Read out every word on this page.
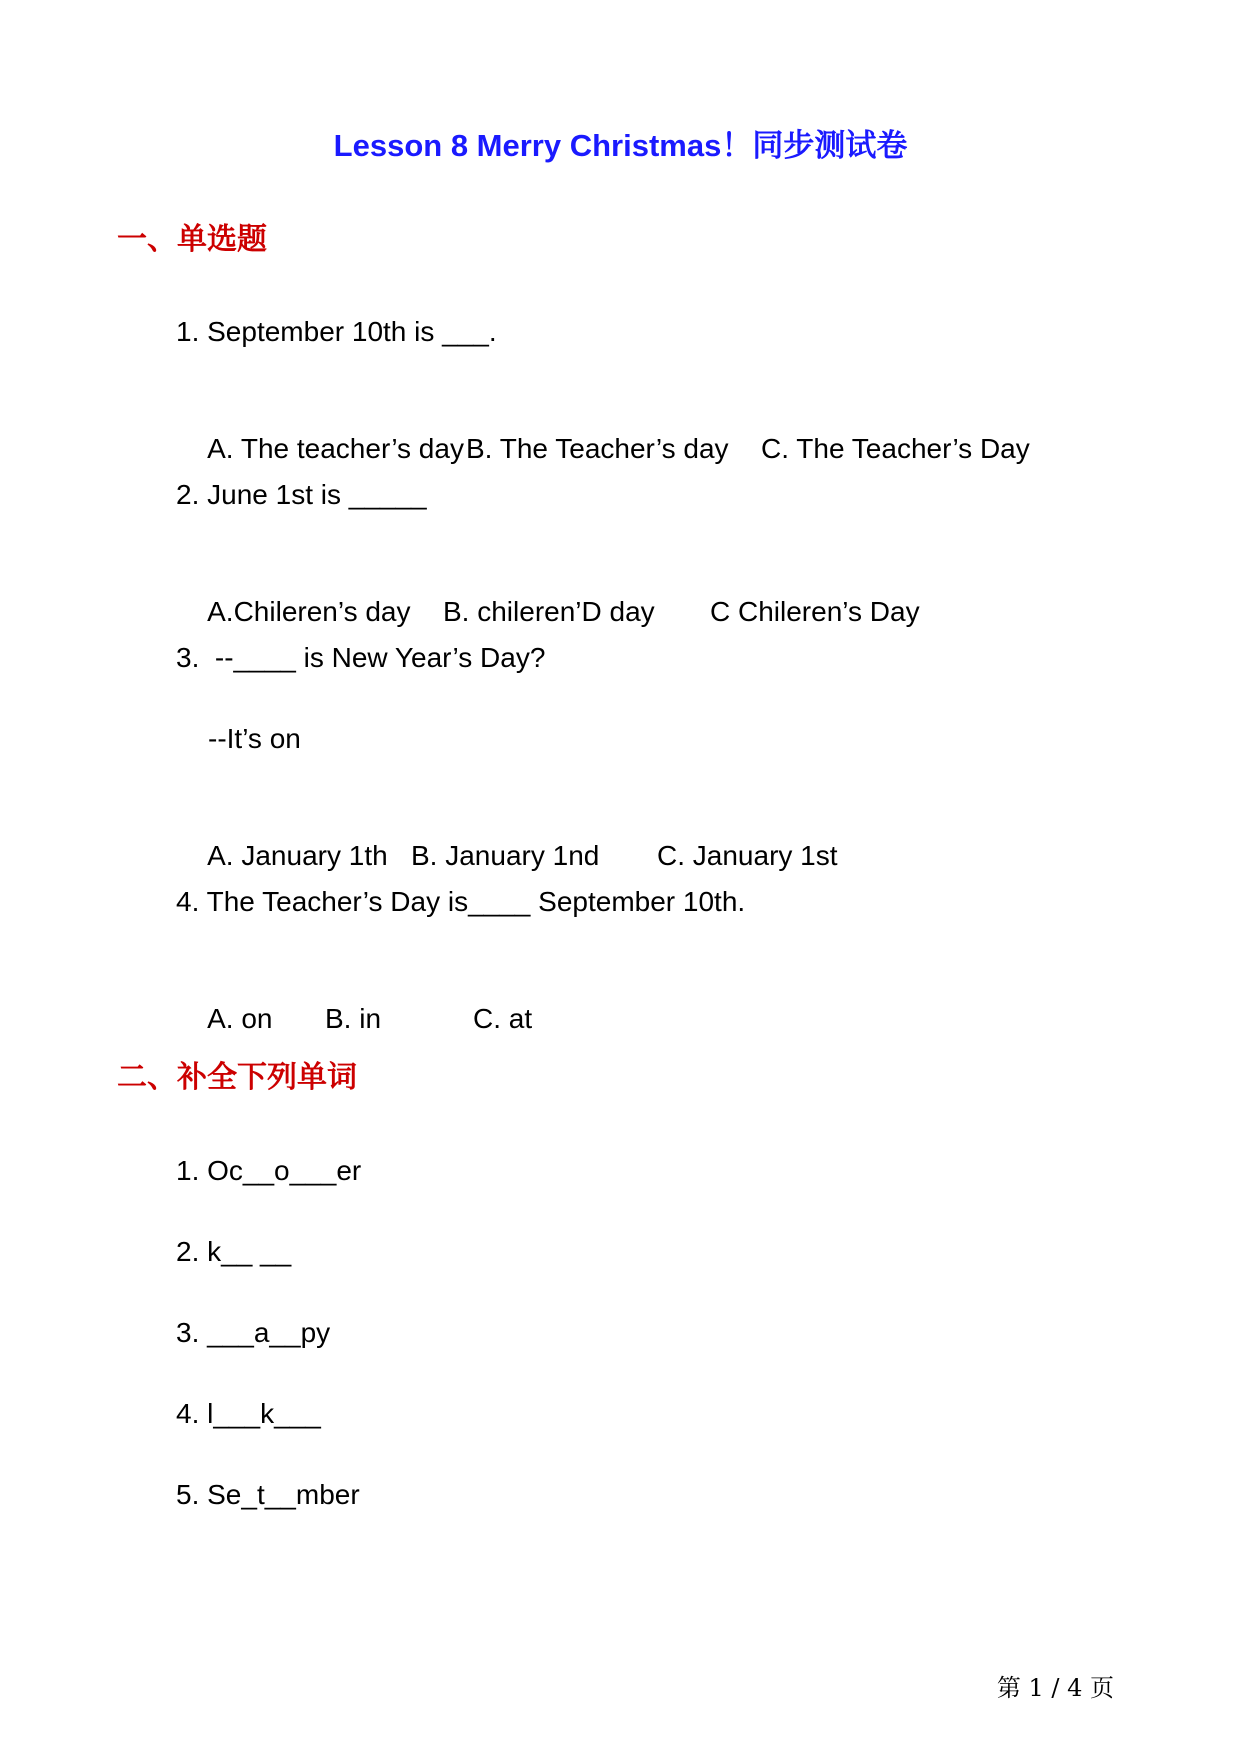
Lesson 8 Merry Christmas！同步测试卷
一、单选题
1. September 10th is ___.

A. The teacher’s day B. The Teacher’s day C. The Teacher’s Day

2. June 1st is _____

A.Chileren’s day B. chileren’D day C Chileren’s Day

3.  --____ is New Year’s Day?
--It’s on

A. January 1th B. January 1nd C. January 1st

4. The Teacher’s Day is____ September 10th.

A. on B. in	C. at

二、补全下列单词
1. Oc__o___er
2. k__ __
3. ___a__py
4. l___k___
5. Se_t__mber
第 1 / 4 页
